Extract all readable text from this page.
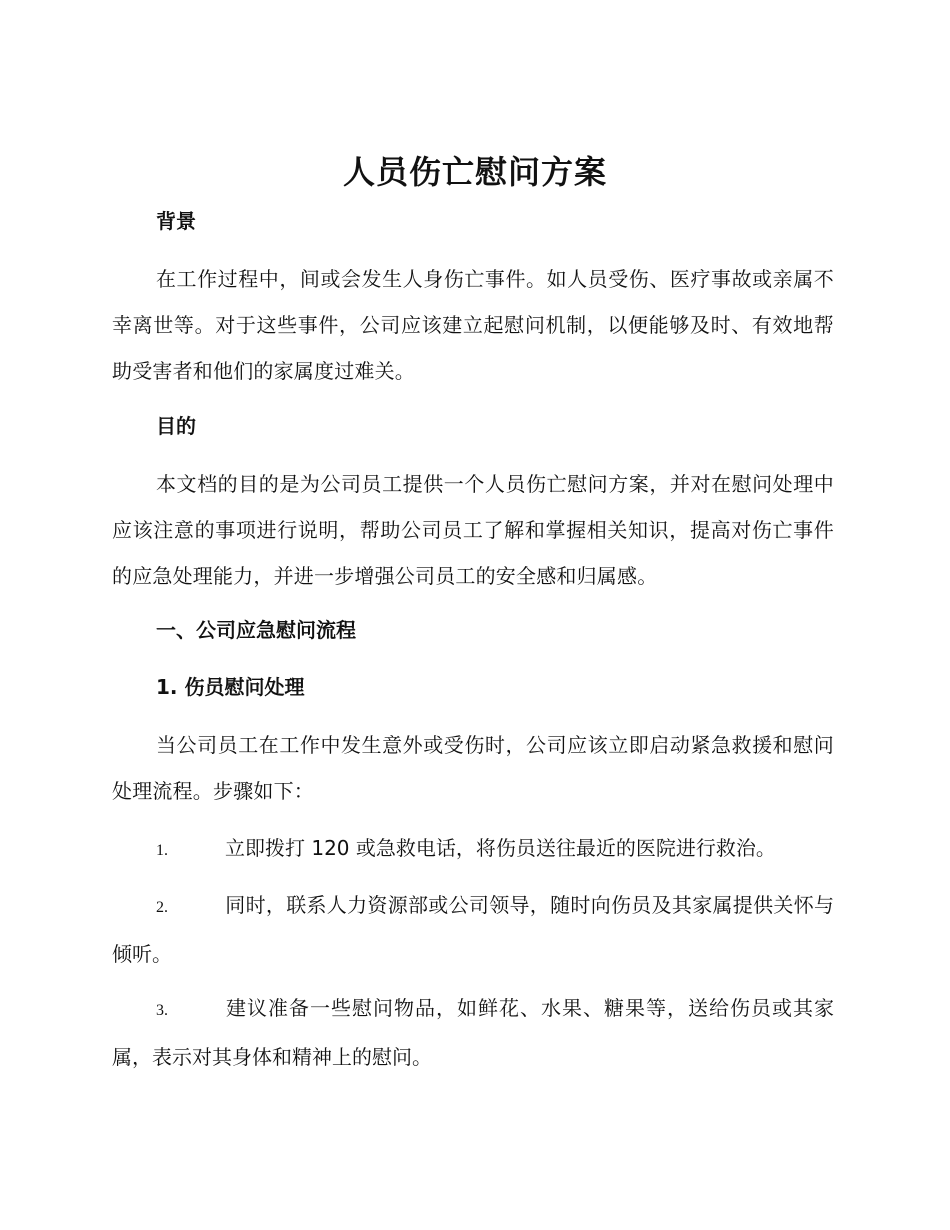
人员伤亡慰问方案
背景
在工作过程中，间或会发生人身伤亡事件。如人员受伤、医疗事故或亲属不幸离世等。对于这些事件，公司应该建立起慰问机制，以便能够及时、有效地帮助受害者和他们的家属度过难关。
目的
本文档的目的是为公司员工提供一个人员伤亡慰问方案，并对在慰问处理中应该注意的事项进行说明，帮助公司员工了解和掌握相关知识，提高对伤亡事件的应急处理能力，并进一步增强公司员工的安全感和归属感。
一、公司应急慰问流程
1. 伤员慰问处理
当公司员工在工作中发生意外或受伤时，公司应该立即启动紧急救援和慰问处理流程。步骤如下：
1.	立即拨打 120 或急救电话，将伤员送往最近的医院进行救治。
2.	同时，联系人力资源部或公司领导，随时向伤员及其家属提供关怀与倾听。
3.	建议准备一些慰问物品，如鲜花、水果、糖果等，送给伤员或其家属，表示对其身体和精神上的慰问。
